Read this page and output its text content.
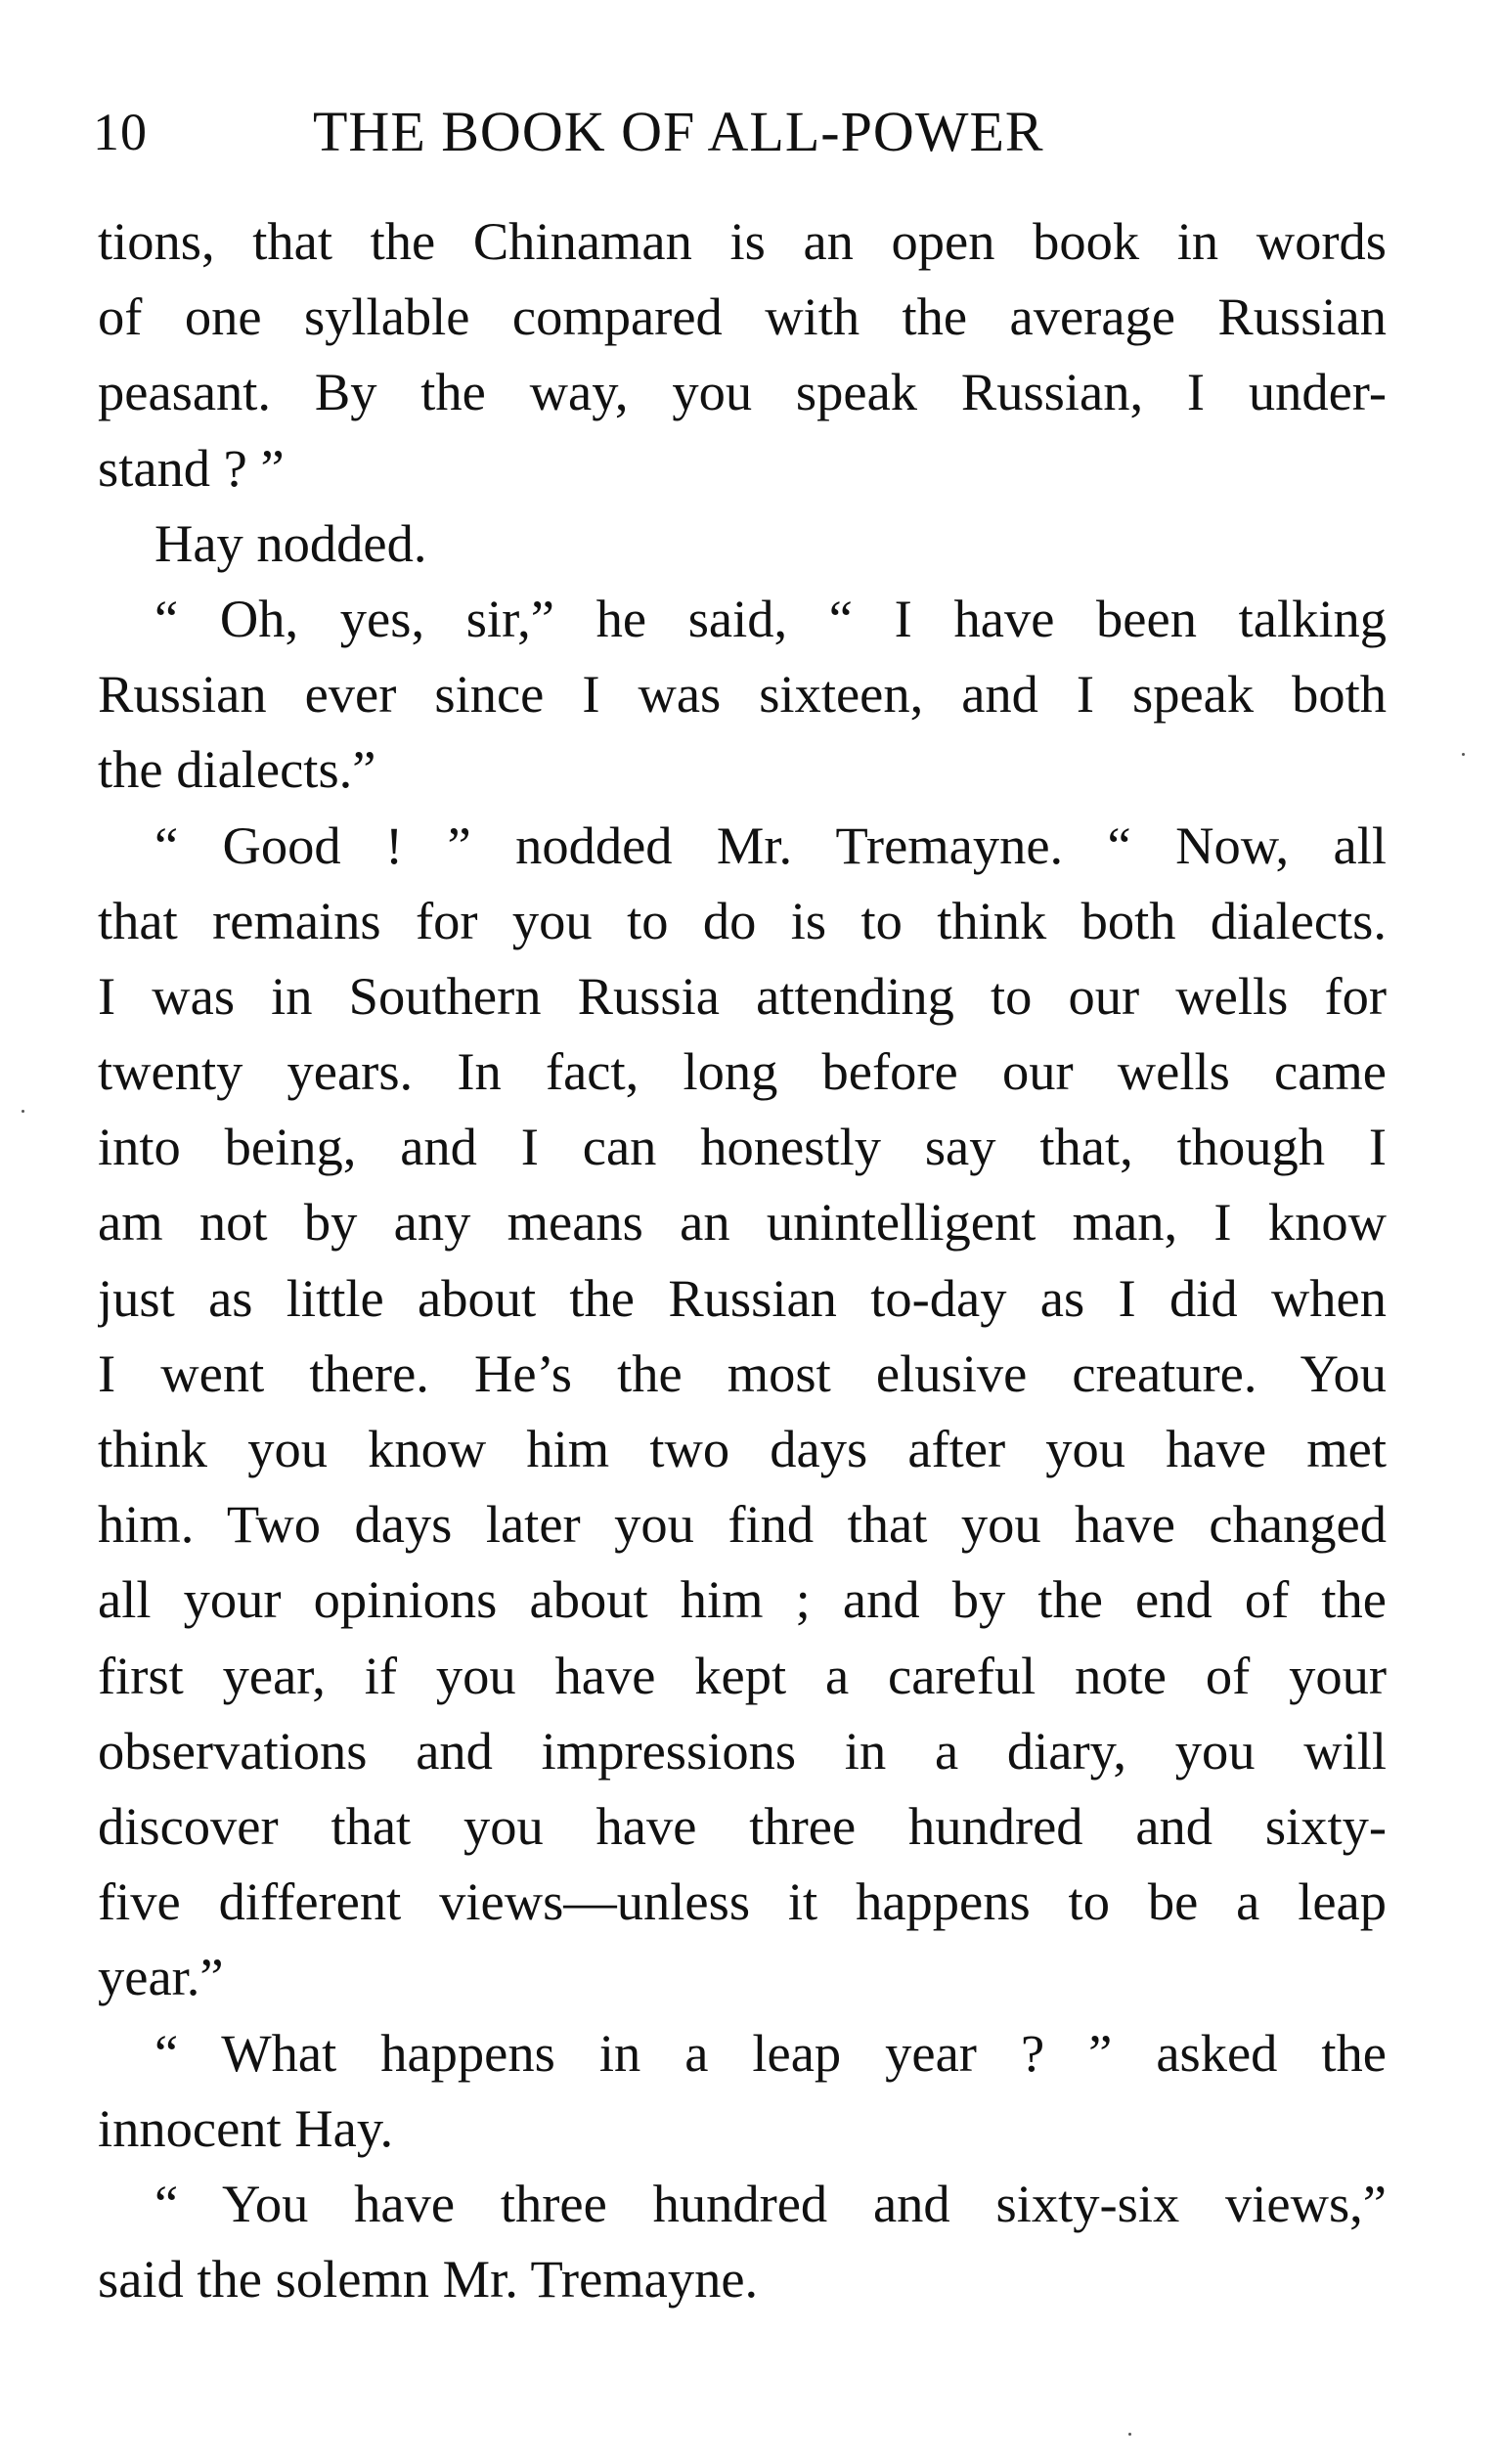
10	THE BOOK OF ALL-POWER
tions, that the Chinaman is an open book in words
of one syllable compared with the average Russian
peasant. By the way, you speak Russian, I under-
stand ? ”
Hay nodded.
“ Oh, yes, sir,” he said, “ I have been talking
Russian ever since I was sixteen, and I speak both
the dialects.”
“ Good ! ” nodded Mr. Tremayne. “ Now, all
that remains for you to do is to think both dialects.
I was in Southern Russia attending to our wells for
twenty years. In fact, long before our wells came
into being, and I can honestly say that, though I
am not by any means an unintelligent man, I know
just as little about the Russian to-day as I did when
I went there. He’s the most elusive creature. You
think you know him two days after you have met
him. Two days later you find that you have changed
all your opinions about him ; and by the end of the
first year, if you have kept a careful note of your
observations and impressions in a diary, you will
discover that you have three hundred and sixty-
five different views—unless it happens to be a leap
year.”
“ What happens in a leap year ? ” asked the
innocent Hay.
“ You have three hundred and sixty-six views,”
said the solemn Mr. Tremayne.
